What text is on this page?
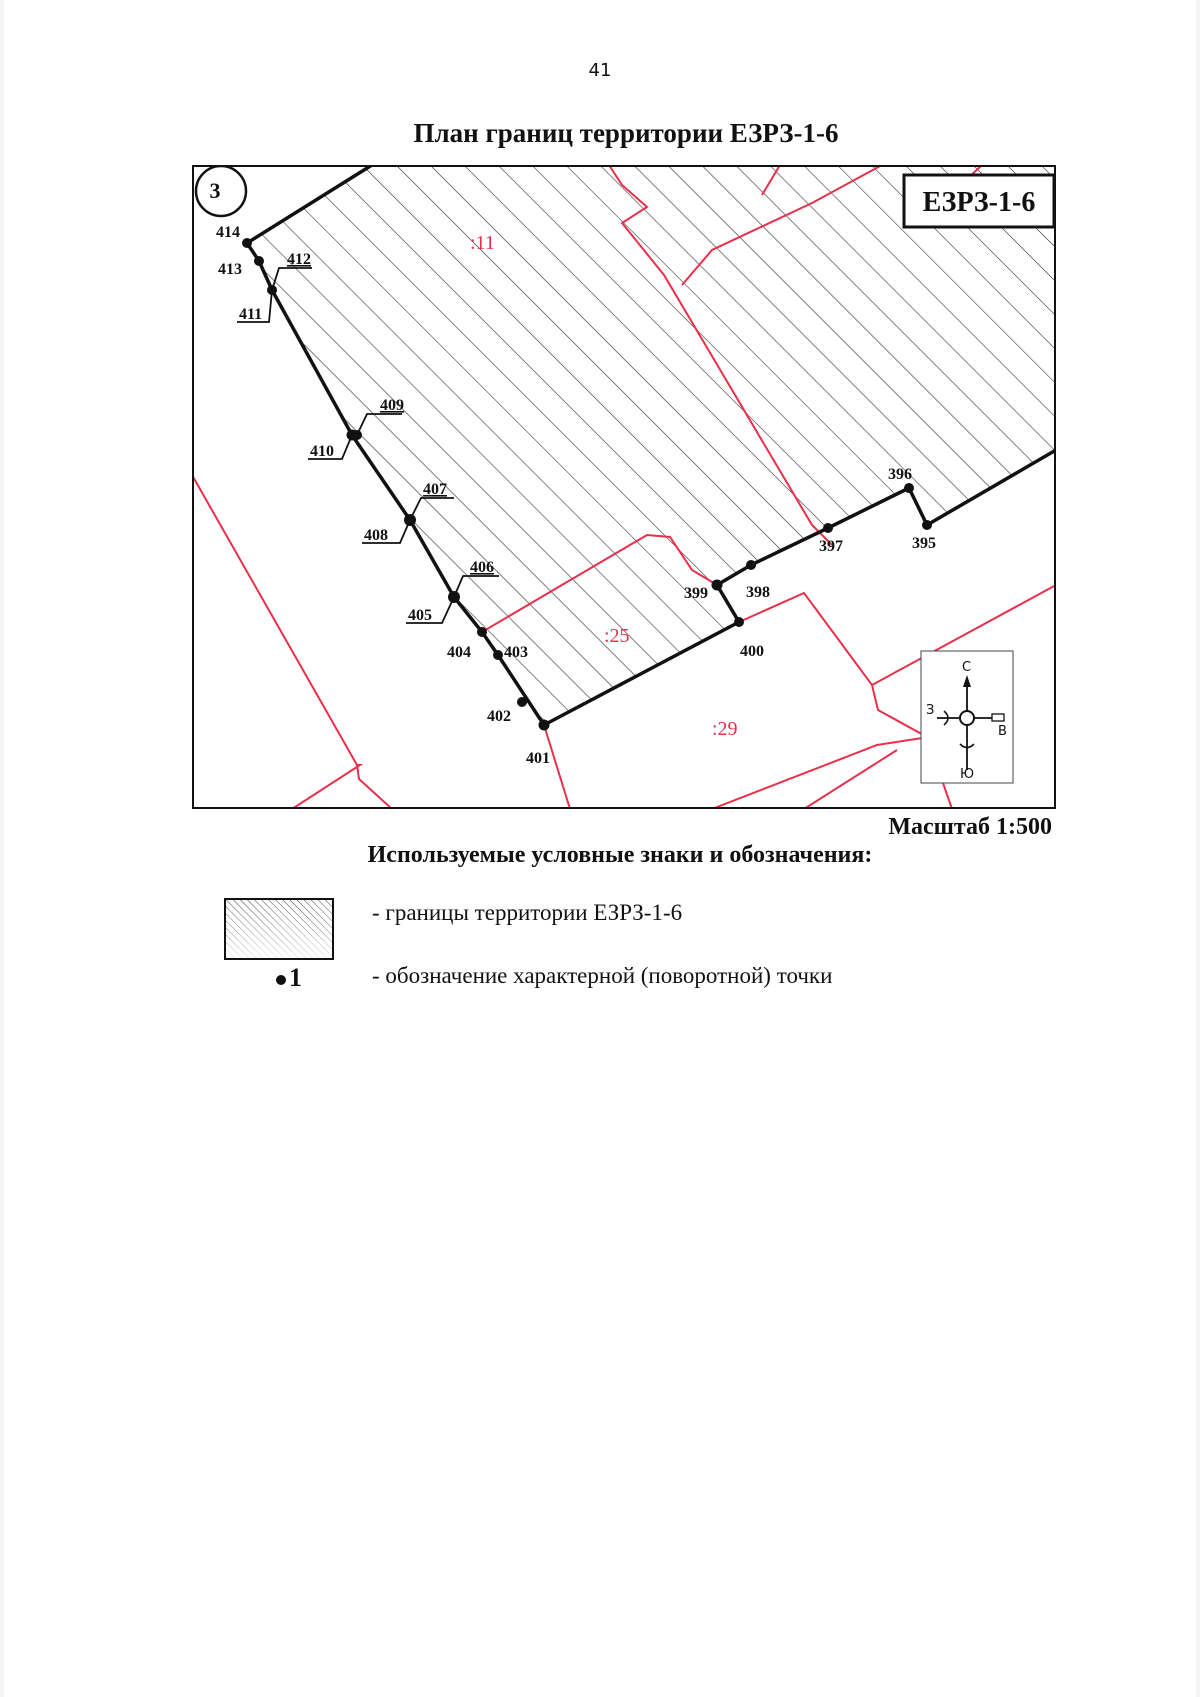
41
План границ территории ЕЗРЗ-1-6
ЕЗРЗ-1-6
3
:11
:25
:29
395
396
397
398
399
400
401
402
403
404
405
406
407
408
409
410
411
412
413
414
С
З
В
Ю
Масштаб 1:500
Используемые условные знаки и обозначения:
- границы территории ЕЗРЗ-1-6
1	- обозначение характерной (поворотной) точки
